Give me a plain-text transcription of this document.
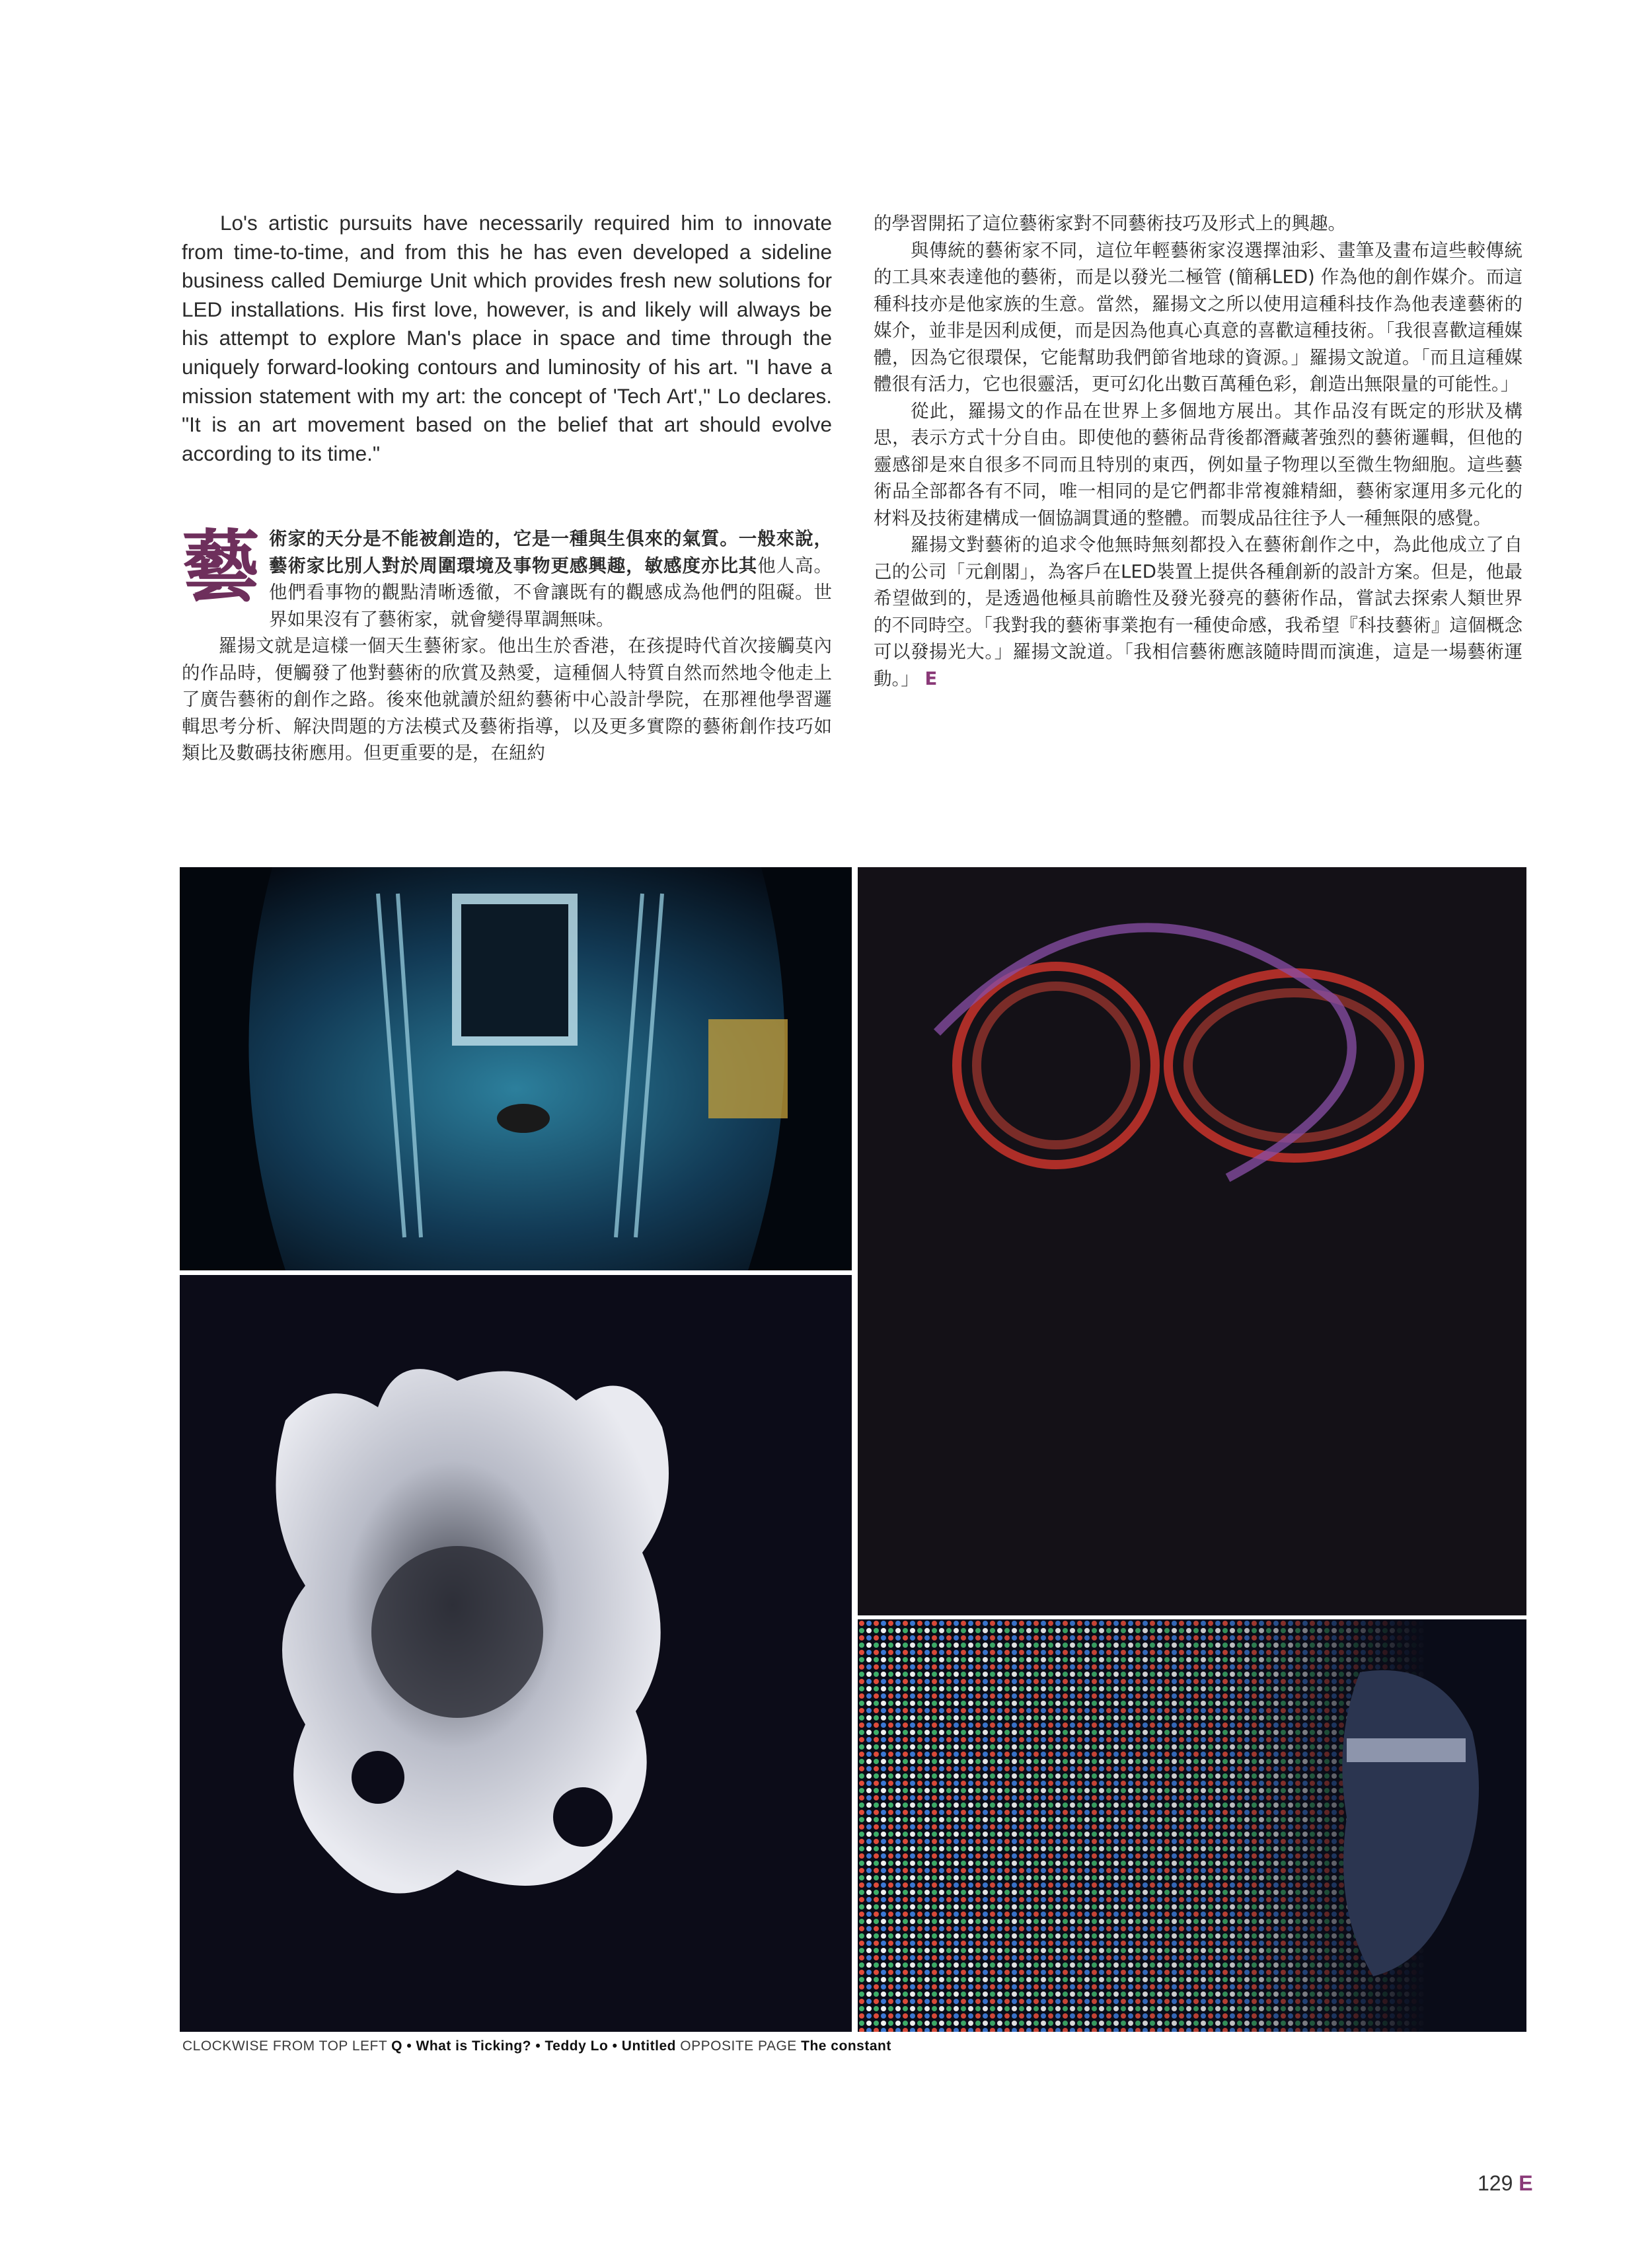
Lo's artistic pursuits have necessarily required him to innovate from time-to-time, and from this he has even developed a sideline business called Demiurge Unit which provides fresh new solutions for LED installations. His first love, however, is and likely will always be his attempt to explore Man's place in space and time through the uniquely forward-looking contours and luminosity of his art. "I have a mission statement with my art: the concept of 'Tech Art'," Lo declares. "It is an art movement based on the belief that art should evolve according to its time."

藝術家的天分是不能被創造的，它是一種與生俱來的氣質。一般來說，藝術家比別人對於周圍環境及事物更感興趣，敏感度亦比其他人高。他們看事物的觀點清晰透徹，不會讓既有的觀感成為他們的阻礙。世界如果沒有了藝術家，就會變得單調無味。

羅揚文就是這樣一個天生藝術家。他出生於香港，在孩提時代首次接觸莫內的作品時，便觸發了他對藝術的欣賞及熱愛，這種個人特質自然而然地令他走上了廣告藝術的創作之路。後來他就讀於紐約藝術中心設計學院，在那裡他學習邏輯思考分析、解決問題的方法模式及藝術指導，以及更多實際的藝術創作技巧如類比及數碼技術應用。但更重要的是，在紐約

的學習開拓了這位藝術家對不同藝術技巧及形式上的興趣。

與傳統的藝術家不同，這位年輕藝術家沒選擇油彩、畫筆及畫布這些較傳統的工具來表達他的藝術，而是以發光二極管 (簡稱LED) 作為他的創作媒介。而這種科技亦是他家族的生意。當然，羅揚文之所以使用這種科技作為他表達藝術的媒介，並非是因利成便，而是因為他真心真意的喜歡這種技術。「我很喜歡這種媒體，因為它很環保，它能幫助我們節省地球的資源。」羅揚文說道。「而且這種媒體很有活力，它也很靈活，更可幻化出數百萬種色彩，創造出無限量的可能性。」

從此，羅揚文的作品在世界上多個地方展出。其作品沒有既定的形狀及構思，表示方式十分自由。即使他的藝術品背後都潛藏著強烈的藝術邏輯，但他的靈感卻是來自很多不同而且特別的東西，例如量子物理以至微生物細胞。這些藝術品全部都各有不同，唯一相同的是它們都非常複雜精細，藝術家運用多元化的材料及技術建構成一個協調貫通的整體。而製成品往往予人一種無限的感覺。

羅揚文對藝術的追求令他無時無刻都投入在藝術創作之中，為此他成立了自己的公司「元創閣」，為客戶在LED裝置上提供各種創新的設計方案。但是，他最希望做到的，是透過他極具前瞻性及發光發亮的藝術作品，嘗試去探索人類世界的不同時空。「我對我的藝術事業抱有一種使命感，我希望『科技藝術』這個概念可以發揚光大。」羅揚文說道。「我相信藝術應該隨時間而演進，這是一場藝術運動。」 E

CLOCKWISE FROM TOP LEFT Q • What is Ticking? • Teddy Lo • Untitled OPPOSITE PAGE The constant
129 E
